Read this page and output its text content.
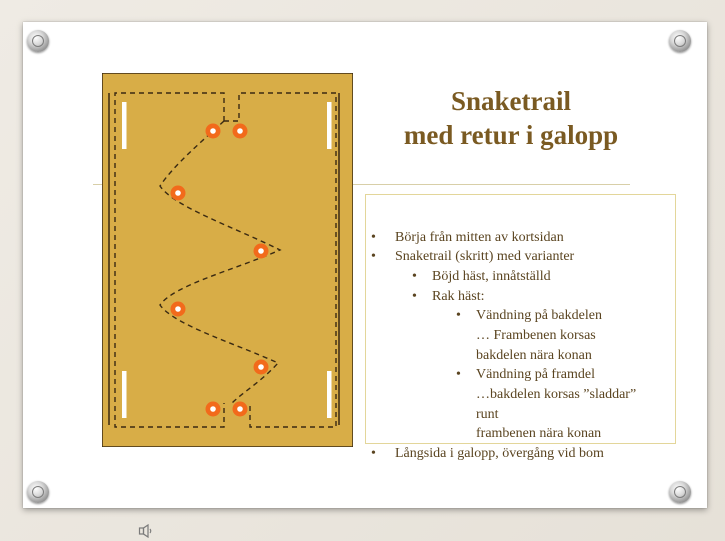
Snaketrail
med retur i galopp
• Börja från mitten av kortsidan
• Snaketrail (skritt) med varianter
• Böjd häst, innåtställd
• Rak häst:
• Vändning på bakdelen
… Frambenen korsas
bakdelen nära konan
• Vändning på framdel
…bakdelen korsas ”sladdar”
runt
frambenen nära konan
• Långsida i galopp, övergång vid bom
